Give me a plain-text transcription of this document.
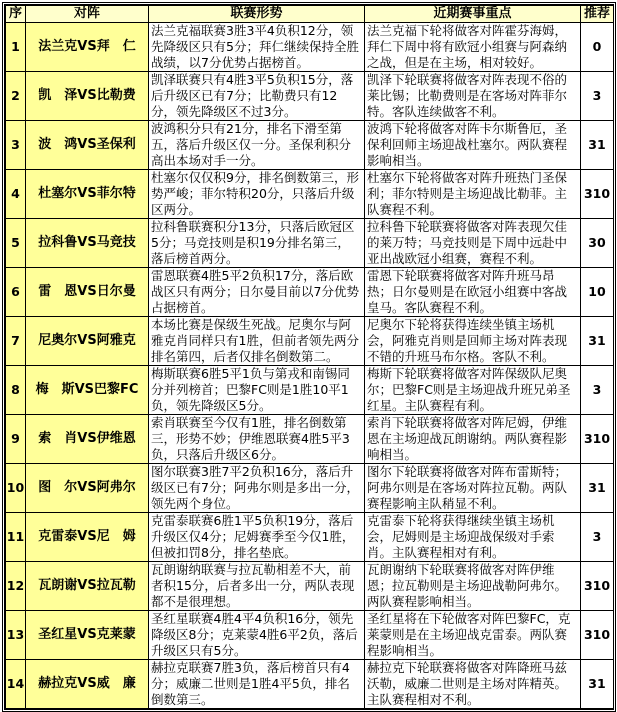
序	对阵	联赛形势	近期赛事重点	推荐
1	法兰克VS拜　仁	法兰克福联赛3胜3平4负积12分，领先降级区只有5分；拜仁继续保持全胜战绩，以7分优势占据榜首。	法兰克福下轮将做客对阵霍芬海姆，拜仁下周中将有欧冠小组赛与阿森纳之战，但是在主场，相对较好。	0
2	凯　泽VS比勒费	凯泽联赛只有4胜3平5负积15分，落后升级区已有7分；比勒费只有12分，领先降级区不过3分。	凯泽下轮联赛将做客对阵表现不俗的莱比锡；比勒费则是在客场对阵菲尔特。客队连续做客不利。	3
3	波　鸿VS圣保利	波鸿积分只有21分，排名下滑至第五，落后升级区仅一分。圣保利积分高出本场对手一分。	波鸿下轮将做客对阵卡尔斯鲁厄，圣保利回师主场迎战杜塞尔。两队赛程影响相当。	31
4	杜塞尔VS菲尔特	杜塞尔仅仅积9分，排名倒数第三，形势严峻；菲尔特积20分，只落后升级区两分。	杜塞尔下轮将做客对阵升班热门圣保利；菲尔特则是主场迎战比勒菲。主队赛程不利。	310
5	拉科鲁VS马竞技	拉科鲁联赛积分13分，只落后欧冠区5分；马竞技则是积19分排名第三，落后榜首两分。	拉科鲁下轮联赛将做客对阵表现欠佳的莱万特；马竞技则是下周中远赴中亚出战欧冠小组赛，赛程不利。	30
6	雷　恩VS日尔曼	雷恩联赛4胜5平2负积17分，落后欧战区只有两分；日尔曼目前以7分优势占据榜首。	雷恩下轮联赛将做客对阵升班马昂热；日尔曼则是在欧冠小组赛中客战皇马。客队赛程不利。	10
7	尼奥尔VS阿雅克	本场比赛是保级生死战。尼奥尔与阿雅克肖同样只有1胜，但前者领先两分排名第四，后者仅排名倒数第二。	尼奥尔下轮将获得连续坐镇主场机会，阿雅克肖则是回师主场对阵表现不错的升班马布尔格。客队不利。	31
8	梅　斯VS巴黎FC	梅斯联赛6胜5平1负与第戎和南锡同分并列榜首；巴黎FC则是1胜10平1负，领先降级区5分。	梅斯下轮联赛将做客对阵保级队尼奥尔；巴黎FC则是主场迎战升班兄弟圣红星。主队赛程有利。	3
9	索　肖VS伊维恩	索肖联赛至今仅有1胜，排名倒数第三，形势不妙；伊维恩联赛4胜5平3负，只落后升级区6分。	索肖下轮联赛将做客对阵尼姆，伊维恩在主场迎战瓦朗谢纳。两队赛程影响相当。	310
10	图　尔VS阿弗尔	图尔联赛3胜7平2负积16分，落后升级区已有7分；阿弗尔则是多出一分，领先两个身位。	图尔下轮联赛将做客对阵布雷斯特；阿弗尔则是在客场对阵拉瓦勒。两队赛程影响主队稍显不利。	31
11	克雷泰VS尼　姆	克雷泰联赛6胜1平5负积19分，落后升级区仅4分；尼姆赛季至今仅1胜，但被扣罚8分，排名垫底。	克雷泰下轮将获得继续坐镇主场机会，尼姆则是主场迎战保级对手索肖。主队赛程相对有利。	3
12	瓦朗谢VS拉瓦勒	瓦朗谢纳联赛与拉瓦勒相差不大，前者积15分，后者多出一分，两队表现都不是很理想。	瓦朗谢纳下轮联赛将做客对阵伊维恩；拉瓦勒则是主场迎战勒阿弗尔。两队赛程影响相当。	310
13	圣红星VS克莱蒙	圣红星联赛4胜4平4负积16分，领先降级区8分；克莱蒙4胜6平2负，落后升级区只有5分。	圣红星将在下轮做客对阵巴黎FC，克莱蒙则是在主场迎战克雷泰。两队赛程影响相当。	310
14	赫拉克VS威　廉	赫拉克联赛7胜3负，落后榜首只有4分；威廉二世则是1胜4平5负，排名倒数第三。	赫拉克下轮联赛将做客对阵降班马兹沃勒，威廉二世则是主场对阵精英。主队赛程相对不利。	31
